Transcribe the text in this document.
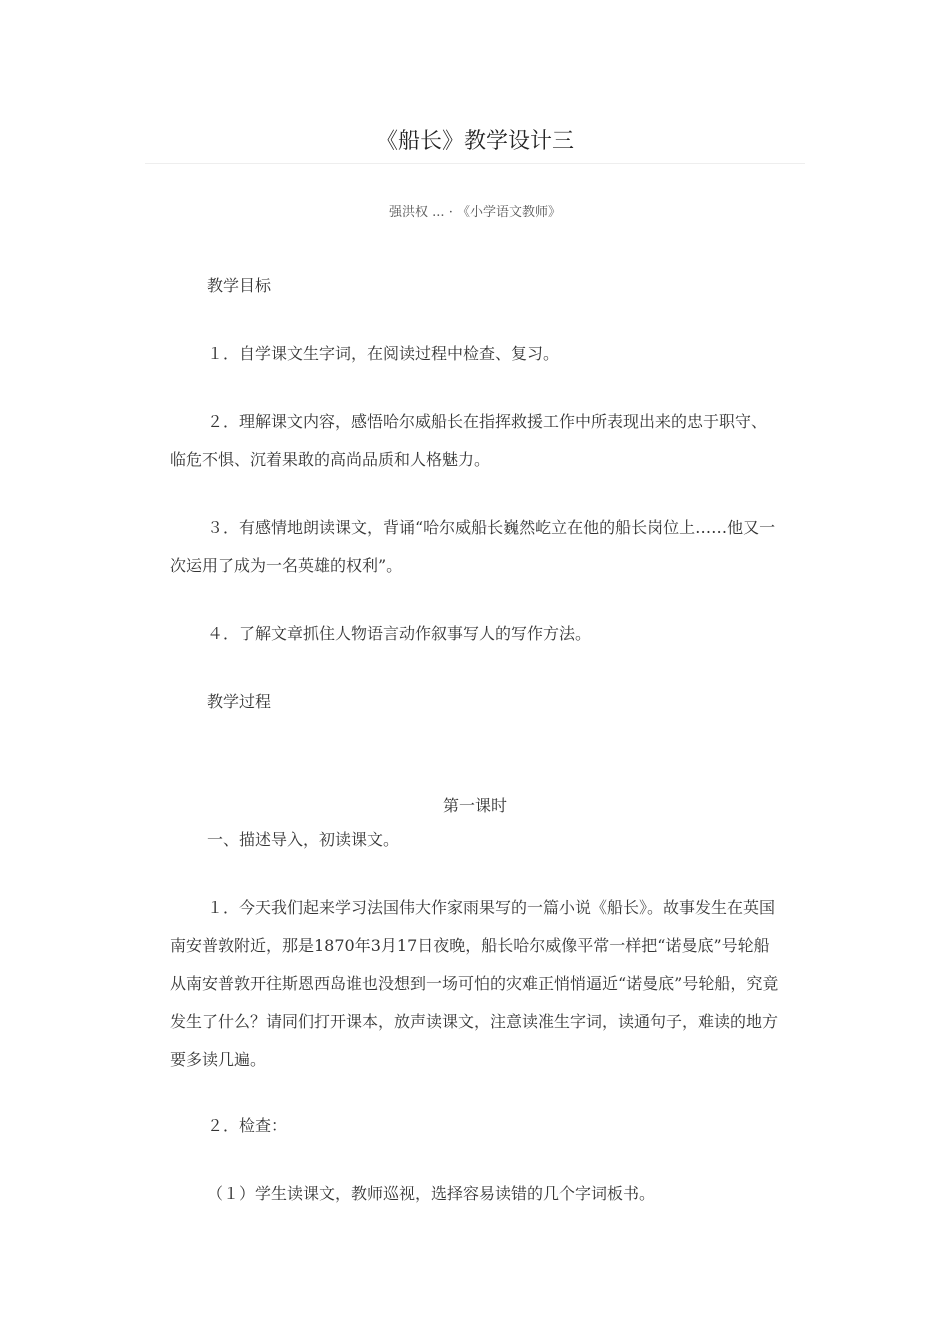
《船长》教学设计三
强洪权 ... · 《小学语文教师》

教学目标

１．自学课文生字词，在阅读过程中检查、复习。

２．理解课文内容，感悟哈尔威船长在指挥救援工作中所表现出来的忠于职守、临危不惧、沉着果敢的高尚品质和人格魅力。

３．有感情地朗读课文，背诵“哈尔威船长巍然屹立在他的船长岗位上……他又一次运用了成为一名英雄的权利”。

４．了解文章抓住人物语言动作叙事写人的写作方法。

教学过程

第一课时

一、描述导入，初读课文。

１．今天我们起来学习法国伟大作家雨果写的一篇小说《船长》。故事发生在英国南安普敦附近，那是1870年3月17日夜晚，船长哈尔威像平常一样把“诺曼底”号轮船从南安普敦开往斯恩西岛谁也没想到一场可怕的灾难正悄悄逼近“诺曼底”号轮船，究竟发生了什么？请同们打开课本，放声读课文，注意读准生字词，读通句子，难读的地方要多读几遍。

２．检查：

（１）学生读课文，教师巡视，选择容易读错的几个字词板书。
